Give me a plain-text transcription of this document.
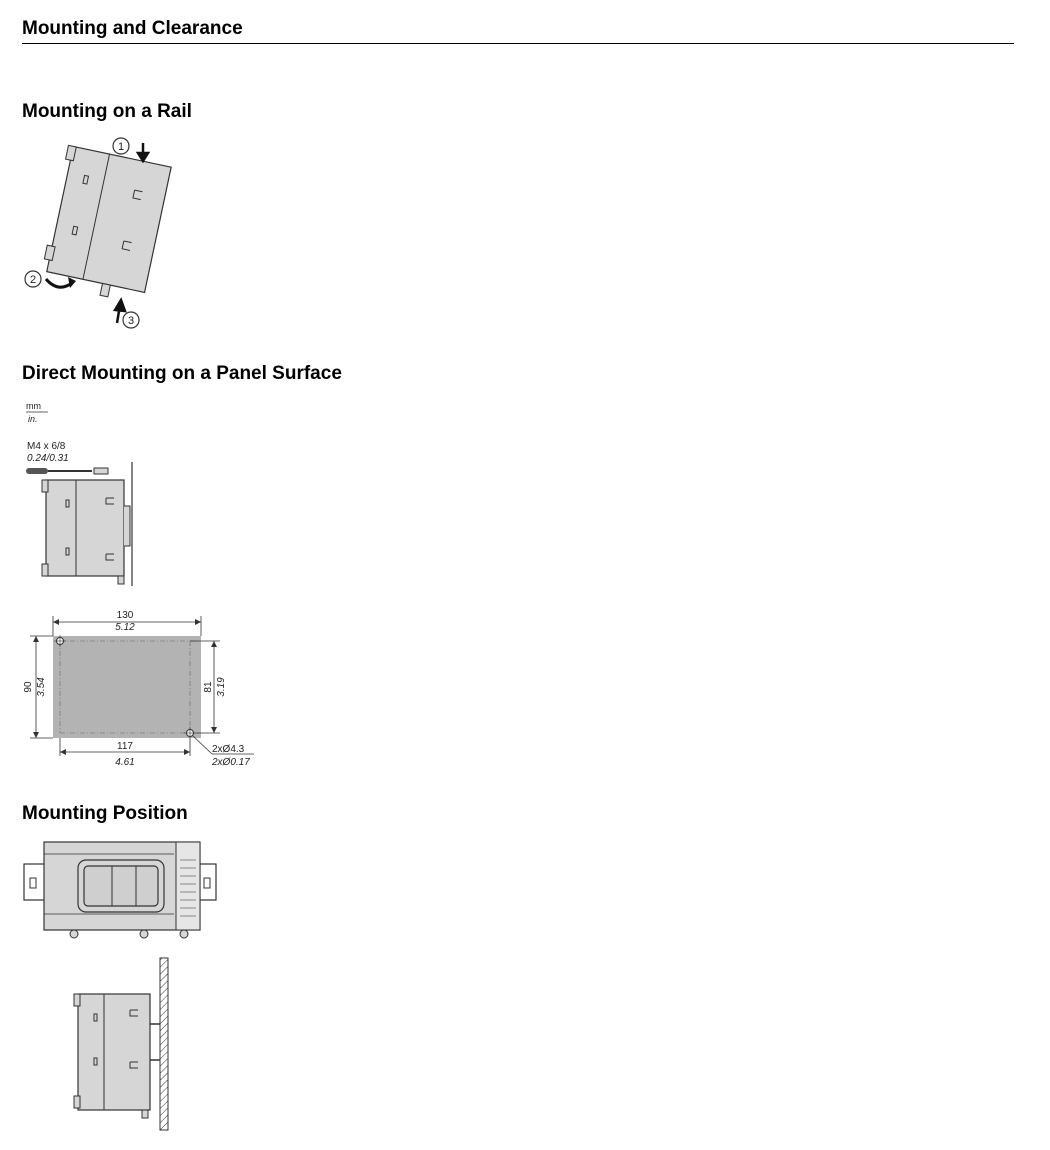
Mounting and Clearance
Mounting on a Rail
1
2
3
Direct Mounting on a Panel Surface
mm
in.
M4 x 6/8
0.24/0.31
130
5.12
90 3.54	81 3.19
117
4.61
2xØ4.3
2xØ0.17
Mounting Position
